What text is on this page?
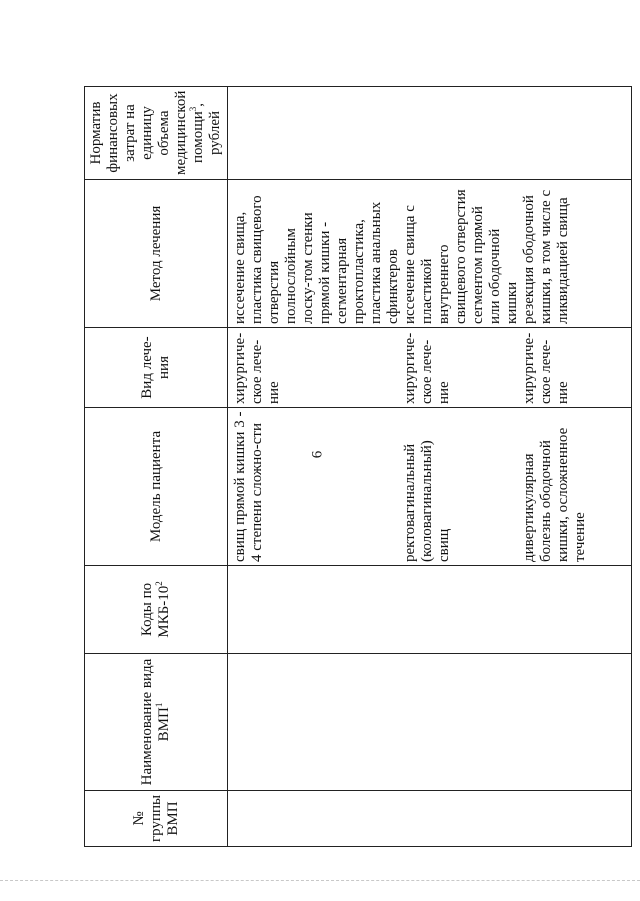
6
№ группы ВМП	Наименование вида ВМП$^1$	Коды по МКБ-$10^2$	Модель пациента	Вид лече-ния	Метод лечения	Норматив финансовых затрат на единицу объема медицинской помощи$^3$, рублей
			свищ прямой кишки 3 - 4 степени сложно-сти	хирургиче-ское лече-ние	иссечение свища, пластика свищевого отверстия полнослойным лоску-том стенки прямой кишки - сегментарная проктопластика, пластика анальных сфинктеров	
			ректовагинальный (коловагинальный) свищ	хирургиче-ское лече-ние	иссечение свища с пластикой внутреннего свищевого отверстия сегментом прямой или ободочной кишки	
			дивертикулярная болезнь ободочной кишки, осложненное течение	хирургиче-ское лече-ние	резекция ободочной кишки, в том числе с ликвидацией свища	
